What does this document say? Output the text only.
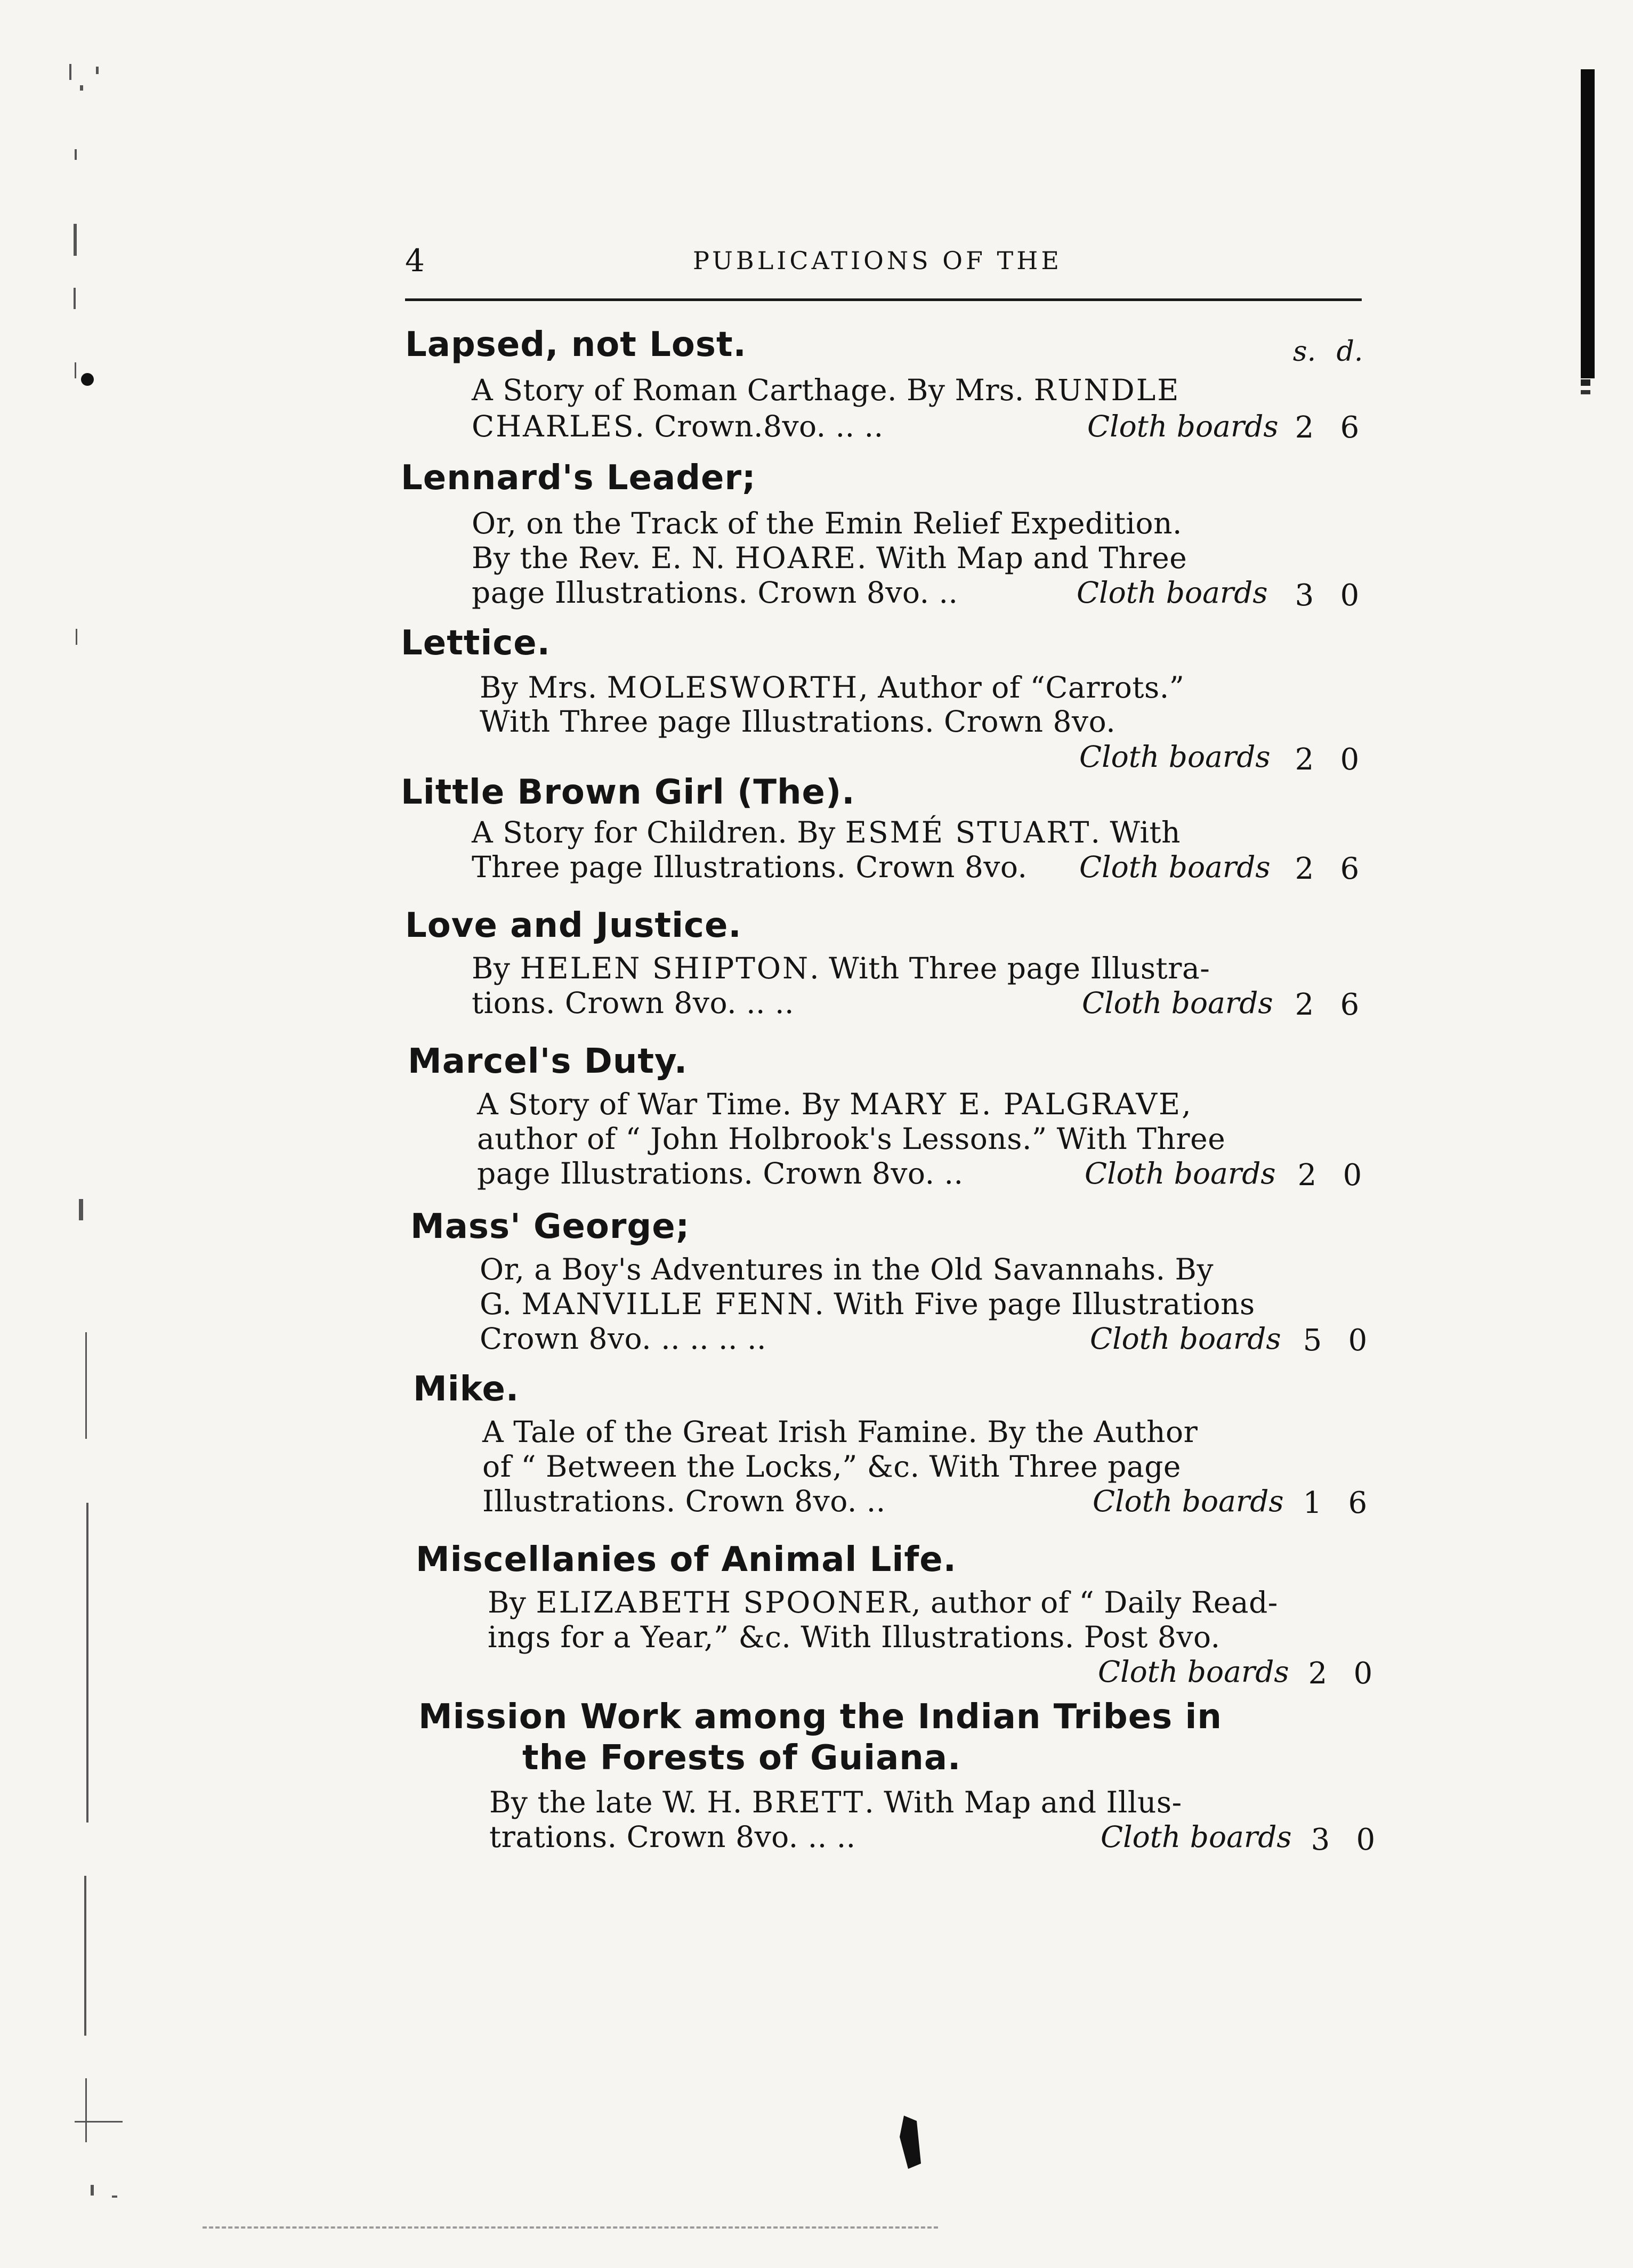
4	PUBLICATIONS OF THE
s. d.
Lapsed, not Lost.
A Story of Roman Carthage. By Mrs. RUNDLE
CHARLES. Crown.8vo. .. ..	Cloth boards 2 6
Lennard's Leader;
Or, on the Track of the Emin Relief Expedition.
By the Rev. E. N. HOARE. With Map and Three
page Illustrations. Crown 8vo. ..	Cloth boards 3 0
Lettice.
By Mrs. MOLESWORTH, Author of “Carrots.”
With Three page Illustrations. Crown 8vo.
Cloth boards 2 0
Little Brown Girl (The).
A Story for Children. By ESMÉ STUART. With
Three page Illustrations. Crown 8vo. Cloth boards 2 6
Love and Justice.
By HELEN SHIPTON. With Three page Illustra-
tions. Crown 8vo. .. ..	Cloth boards 2 6
Marcel's Duty.
A Story of War Time. By MARY E. PALGRAVE,
author of “ John Holbrook's Lessons.” With Three
page Illustrations. Crown 8vo. ..	Cloth boards 2 0
Mass' George;
Or, a Boy's Adventures in the Old Savannahs. By
G. MANVILLE FENN. With Five page Illustrations
Crown 8vo. .. .. .. ..	Cloth boards 5 0
Mike.
A Tale of the Great Irish Famine. By the Author
of “ Between the Locks,” &c. With Three page
Illustrations. Crown 8vo. ..	Cloth boards 1 6
Miscellanies of Animal Life.
By ELIZABETH SPOONER, author of “ Daily Read-
ings for a Year,” &c. With Illustrations. Post 8vo.
Cloth boards 2 0
Mission Work among the Indian Tribes in
the Forests of Guiana.
By the late W. H. BRETT. With Map and Illus-
trations. Crown 8vo. .. ..	Cloth boards 3 0
